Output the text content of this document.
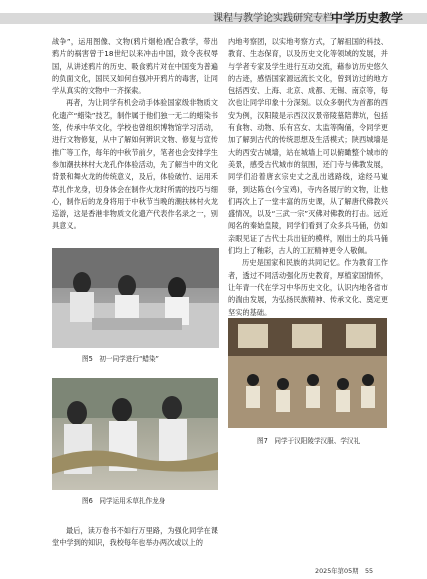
课程与教学论实践研究专栏
中学历史教学

战争”，运用图像、文物(鸦片烟枪)配合教学，带出鸦片的祸害曾于18世纪以来冲击中国，致令丧权辱国，从讲述鸦片的历史、吸食鸦片对在中国变为普遍的负面文化，国民又如何自强冲开鸦片的毒害，让同学从真实的文物中一齐探索。

再者，为让同学有机会动手体验国家级非物质文化遗产“蜡染”技艺，制作属于他们独一无二的蜡染书签，传承中华文化，学校也曾组织博物馆学习活动，进行文物修复，从中了解如何辨识文物、修复与宣传推广等工作，每年的中秋节前夕，笔者也会安排学生参加潮扶林村大龙孔作体验活动，先了解当中的文化背景和舞火龙的传统意义，及后，体验破竹、运用禾草扎作龙身，切身体会在制作火龙时所需的技巧与细心，制作后的龙身将用于中秋节当晚的潮扶林村火龙巡游，这是香港非物质文化遗产代表作名录之一，别具意义。

图5　初一同学进行“蜡染”
图6　同学运用禾草扎作龙身

最后，读万卷书不如行万里路，为强化同学在课堂中学到的知识，我校每年也举办两次或以上的

内地考察团，以实地考察方式，了解祖国的科技、教育、生态保育，以及历史文化等领域的发展，并与学者专家及学生进行互动交流，藉参访历史悠久的古迹，感悟国家源远流长文化，曾到访过的地方包括西安、上海、北京、成都、无锡、南京等，每次也让同学印象十分深刻。以众多朝代为首都的西安为例，汉阳陵是示西汉汉景帝陵墓陪葬坑，包括有食物、动物、乐有宫女、太监等陶俑，令同学更加了解到古代的传统思想及生活模式；陕西城墙是大的西安古城墙，站在城墙上可以俯瞰整个城市的美景，感受古代城市的氛围，还门寺与佛教发展，同学们沿着唐玄宗史丈之乱出逃路线，途经马嵬驿，到达陈仓(今宝鸡)，寺内各展厅的文物，让他们再次上了一堂丰富的历史课，从了解唐代佛教兴盛情况，以及“三武一宗”灭佛对佛教的打击。远近闻名的秦始皇陵，同学们看到了众多兵马俑，仿如亲眼见证了古代士兵出征的模样，刚出土的兵马俑们均上了釉彩，古人的工匠精神更令人敬佩。

历史是国家和民族的共同记忆。作为教育工作者，透过不同活动强化历史教育，厚植家国情怀，让年青一代在学习中华历史文化，认识内地各省市的湍由发展，为弘扬民族精神、传承文化、奠定更坚实的基础。

图7　同学于汉阳陵学汉服、学汉礼
2025年第05期　55
